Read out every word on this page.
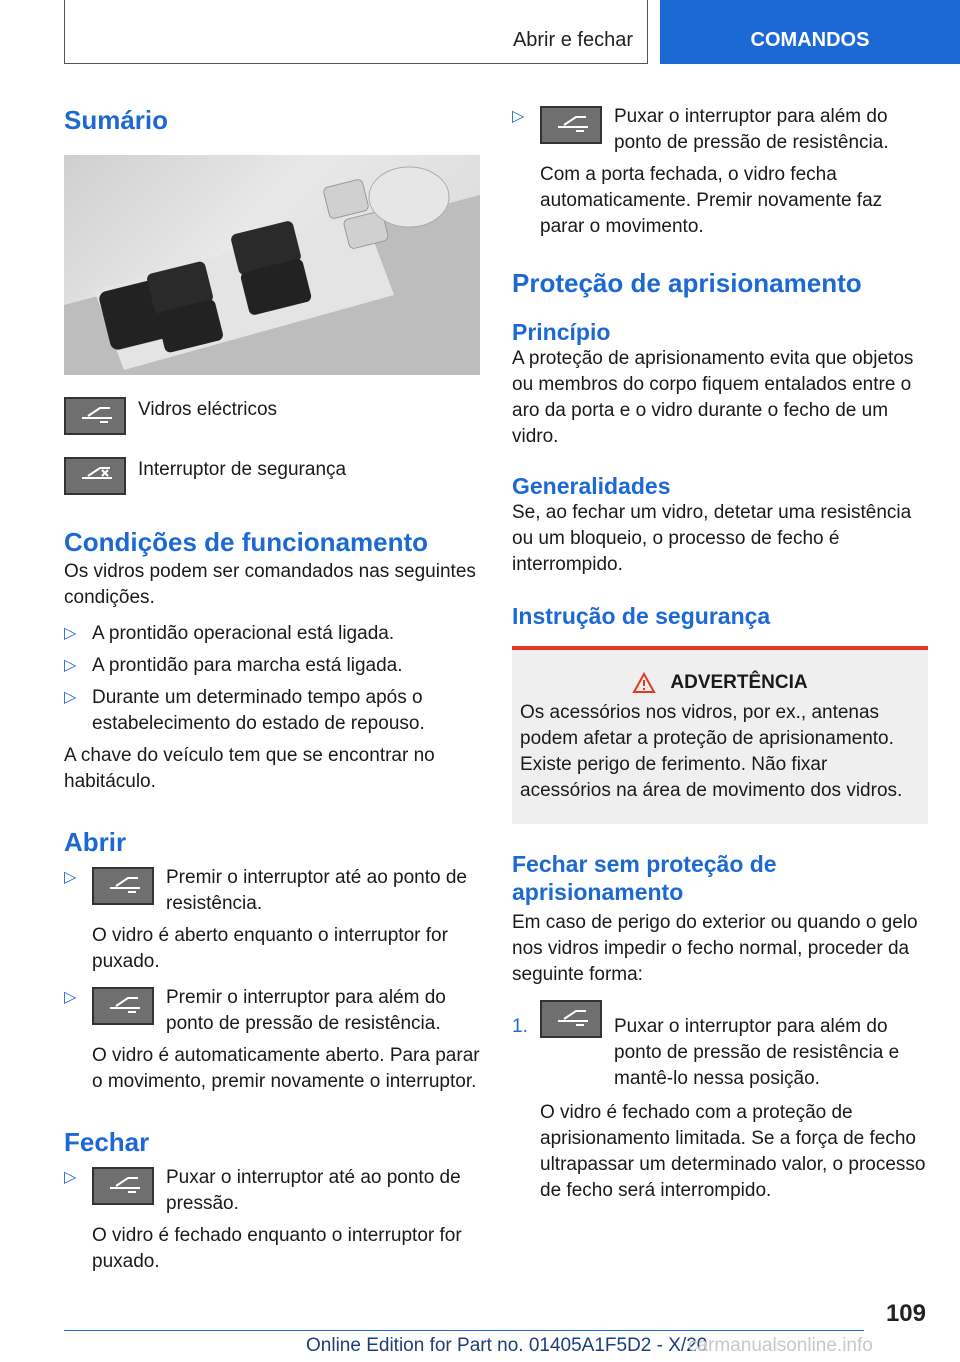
Abrir e fechar	COMANDOS
Sumário

Vidros eléctricos

Interruptor de segurança

Condições de funcionamento

Os vidros podem ser comandados nas seguintes condições.

▷ A prontidão operacional está ligada.

▷ A prontidão para marcha está ligada.

▷ Durante um determinado tempo após o estabelecimento do estado de repouso.

A chave do veículo tem que se encontrar no habitáculo.

Abrir
▷	Premir o interruptor até ao ponto de resistência.

O vidro é aberto enquanto o interruptor for puxado.

▷	Premir o interruptor para além do ponto de pressão de resistência.

O vidro é automaticamente aberto. Para parar o movimento, premir novamente o interruptor.

Fechar
▷	Puxar o interruptor até ao ponto de pressão.

O vidro é fechado enquanto o interruptor for puxado.

▷	Puxar o interruptor para além do ponto de pressão de resistência.

Com a porta fechada, o vidro fecha automaticamente. Premir novamente faz parar o movimento.

Proteção de aprisionamento
Princípio

A proteção de aprisionamento evita que objetos ou membros do corpo fiquem entalados entre o aro da porta e o vidro durante o fecho de um vidro.

Generalidades

Se, ao fechar um vidro, detetar uma resistência ou um bloqueio, o processo de fecho é interrompido.

Instrução de segurança
ADVERTÊNCIA

Os acessórios nos vidros, por ex., antenas podem afetar a proteção de aprisionamento. Existe perigo de ferimento. Não fixar acessórios na área de movimento dos vidros.

Fechar sem proteção de aprisionamento

Em caso de perigo do exterior ou quando o gelo nos vidros impedir o fecho normal, proceder da seguinte forma:

1.	Puxar o interruptor para além do ponto de pressão de resistência e mantê-lo nessa posição.

O vidro é fechado com a proteção de aprisionamento limitada. Se a força de fecho ultrapassar um determinado valor, o processo de fecho será interrompido.

109
Online Edition for Part no. 01405A1F5D2 - X/20
carmanualsonline.info
